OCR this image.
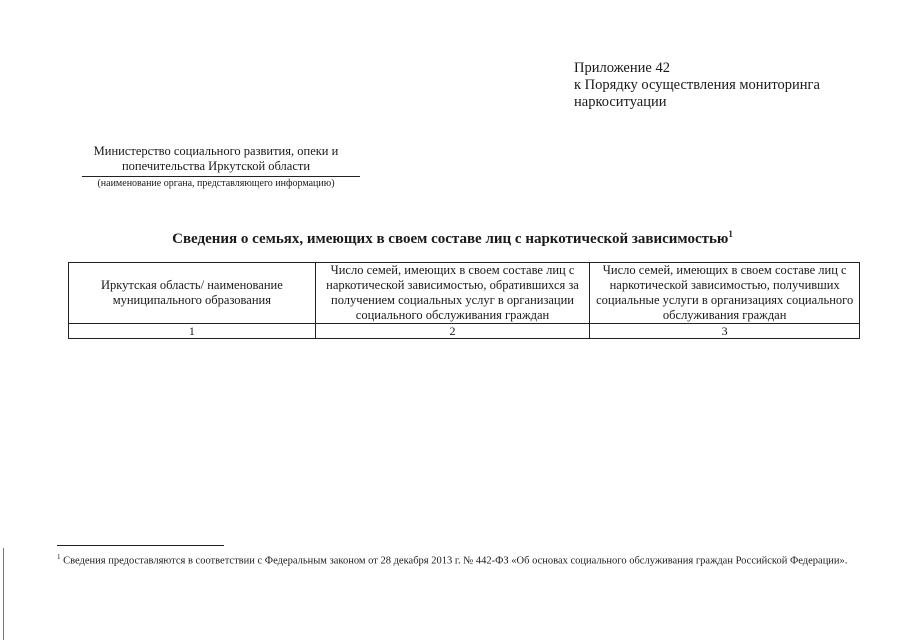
Приложение 42
к Порядку осуществления мониторинга
наркоситуации
Министерство социального развития, опеки и
попечительства Иркутской области
(наименование органа, представляющего информацию)
Сведения о семьях, имеющих в своем составе лиц с наркотической зависимостью$^1$
Иркутская область/ наименование муниципального образования	Число семей, имеющих в своем составе лиц с наркотической зависимостью, обратившихся за получением социальных услуг в организации социального обслуживания граждан	Число семей, имеющих в своем составе лиц с наркотической зависимостью, получивших социальные услуги в организациях социального обслуживания граждан
1	2	3
$^1$ Сведения предоставляются в соответствии с Федеральным законом от 28 декабря 2013 г. № 442-ФЗ «Об основах социального обслуживания граждан Российской Федерации».
